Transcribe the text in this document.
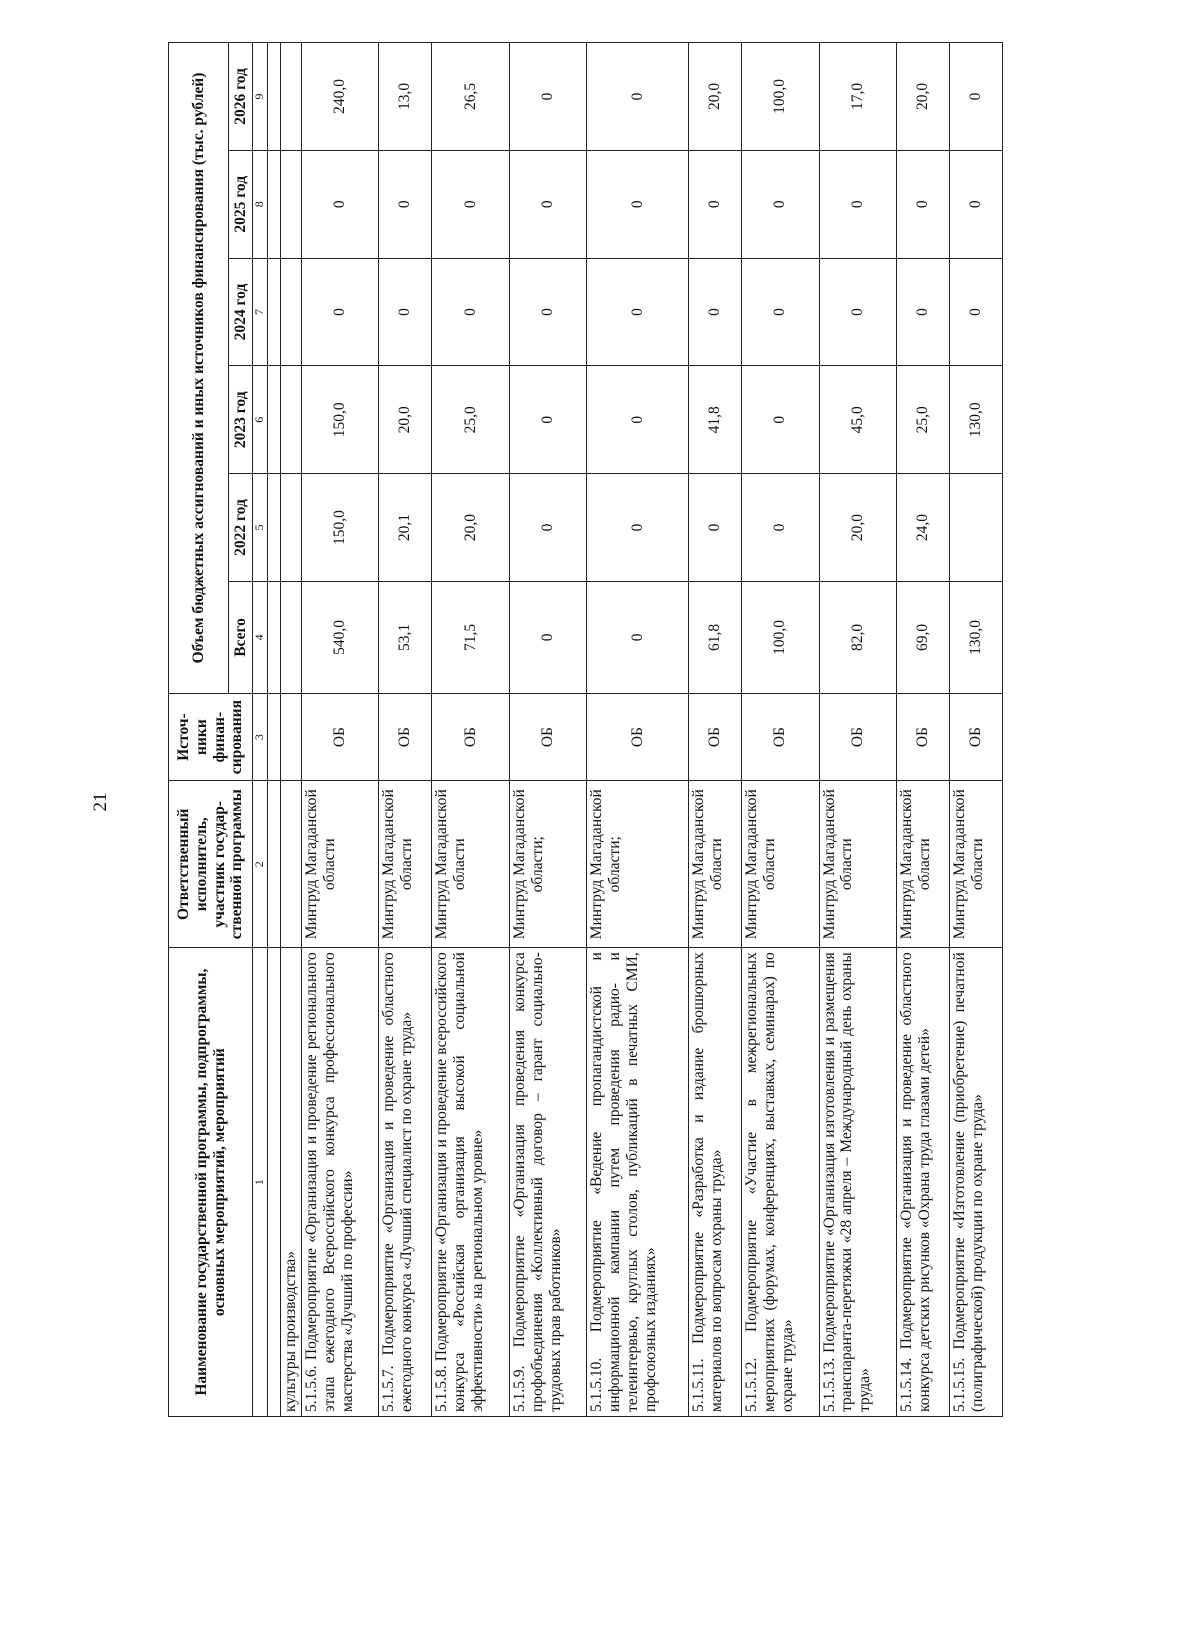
21
Наименование государственной программы, подпрограммы, основных мероприятий, мероприятий	Ответственный исполнитель, участник государ-ственной программы	Источ-ники финан-сирования	Объем бюджетных ассигнований и иных источников финансирования (тыс. рублей)					
			Всего	2022 год	2023 год	2024 год	2025 год	2026 год
1	2	3	4	5	6	7	8	9

культуры производства»								
5.1.5.6. Подмероприятие «Организация и проведение регионального этапа ежегодного Всероссийского конкурса профессионального мастерства «Лучший по профессии»	Минтруд Магаданской области	ОБ	540,0	150,0	150,0	0	0	240,0
5.1.5.7. Подмероприятие «Организация и проведение областного ежегодного конкурса «Лучший специалист по охране труда»	Минтруд Магаданской области	ОБ	53,1	20,1	20,0	0	0	13,0
5.1.5.8. Подмероприятие «Организация и проведение всероссийского конкурса «Российская организация высокой социальной эффективности» на региональном уровне»	Минтруд Магаданской области	ОБ	71,5	20,0	25,0	0	0	26,5
5.1.5.9. Подмероприятие «Организация проведения конкурса профобъединения «Коллективный договор – гарант социально-трудовых прав работников»	Минтруд Магаданской области;	ОБ	0	0	0	0	0	0
5.1.5.10. Подмероприятие «Ведение пропагандистской и информационной кампании путем проведения радио- и телеинтервью, круглых столов, публикаций в печатных СМИ, профсоюзных изданиях»	Минтруд Магаданской области;	ОБ	0	0	0	0	0	0
5.1.5.11. Подмероприятие «Разработка и издание брошюрных материалов по вопросам охраны труда»	Минтруд Магаданской области	ОБ	61,8	0	41,8	0	0	20,0
5.1.5.12. Подмероприятие «Участие в межрегиональных мероприятиях (форумах, конференциях, выставках, семинарах) по охране труда»	Минтруд Магаданской области	ОБ	100,0	0	0	0	0	100,0
5.1.5.13. Подмероприятие «Организация изготовления и размещения транспаранта-перетяжки «28 апреля – Международный день охраны труда»	Минтруд Магаданской области	ОБ	82,0	20,0	45,0	0	0	17,0
5.1.5.14. Подмероприятие «Организация и проведение областного конкурса детских рисунков «Охрана труда глазами детей»	Минтруд Магаданской области	ОБ	69,0	24,0	25,0	0	0	20,0
5.1.5.15. Подмероприятие «Изготовление (приобретение) печатной (полиграфической) продукции по охране труда»	Минтруд Магаданской области	ОБ	130,0		130,0	0	0	0
